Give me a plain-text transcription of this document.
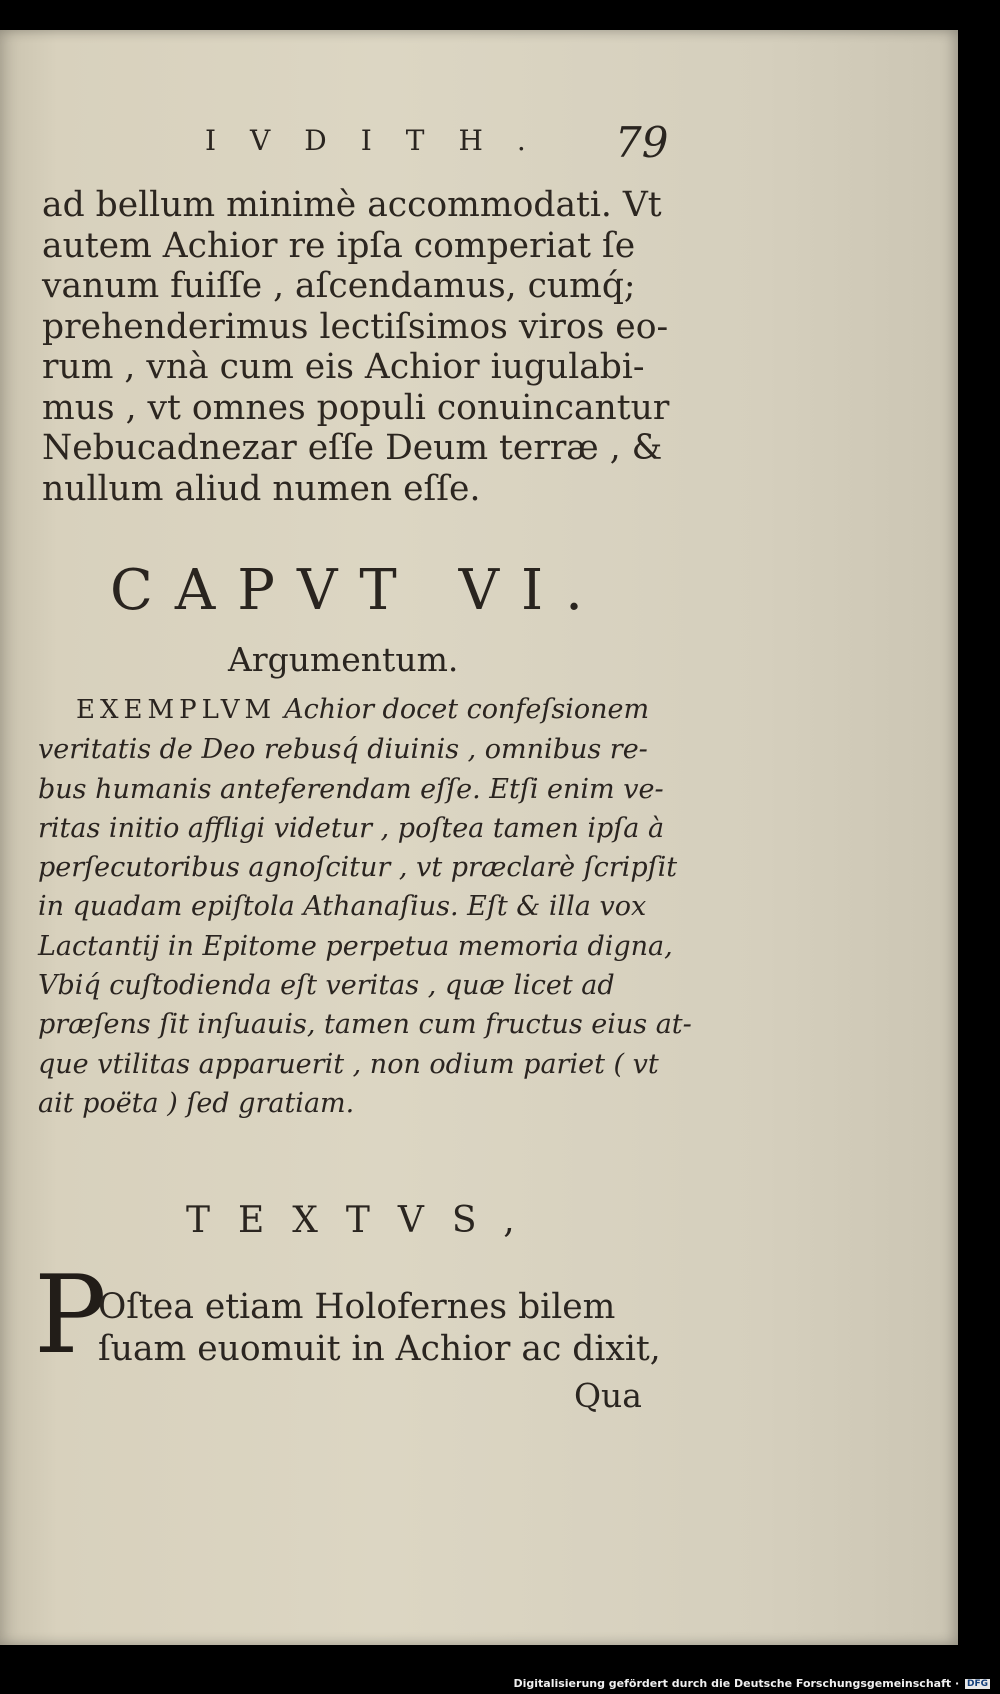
IVDITH. 79
ad bellum minimè accommodati. Vt
autem Achior re ipſa comperiat ſe
vanum fuiſſe , aſcendamus, cumq́;
prehenderimus lectiſsimos viros eo-
rum , vnà cum eis Achior iugulabi-
mus , vt omnes populi conuincantur
Nebucadnezar eſſe Deum terræ , &
nullum aliud numen eſſe.
CAPVT VI.
Argumentum.
EXEMPLVM Achior docet confeſsionem
veritatis de Deo rebusq́ diuinis , omnibus re-
bus humanis anteferendam eſſe. Etſi enim ve-
ritas initio affligi videtur , poſtea tamen ipſa à
perſecutoribus agnoſcitur , vt præclarè ſcripſit
in quadam epiſtola Athanaſius. Eſt & illa vox
Lactantij in Epitome perpetua memoria digna,
Vbiq́ cuſtodienda eſt veritas , quæ licet ad
præſens ſit inſuauis, tamen cum fructus eius at-
que vtilitas apparuerit , non odium pariet ( vt
ait poëta ) ſed gratiam.
TEXTVS,
P
Oſtea etiam Holofernes bilem
ſuam euomuit in Achior ac dixit,
Qua
Digitalisierung gefördert durch die Deutsche Forschungsgemeinschaft · DFG
